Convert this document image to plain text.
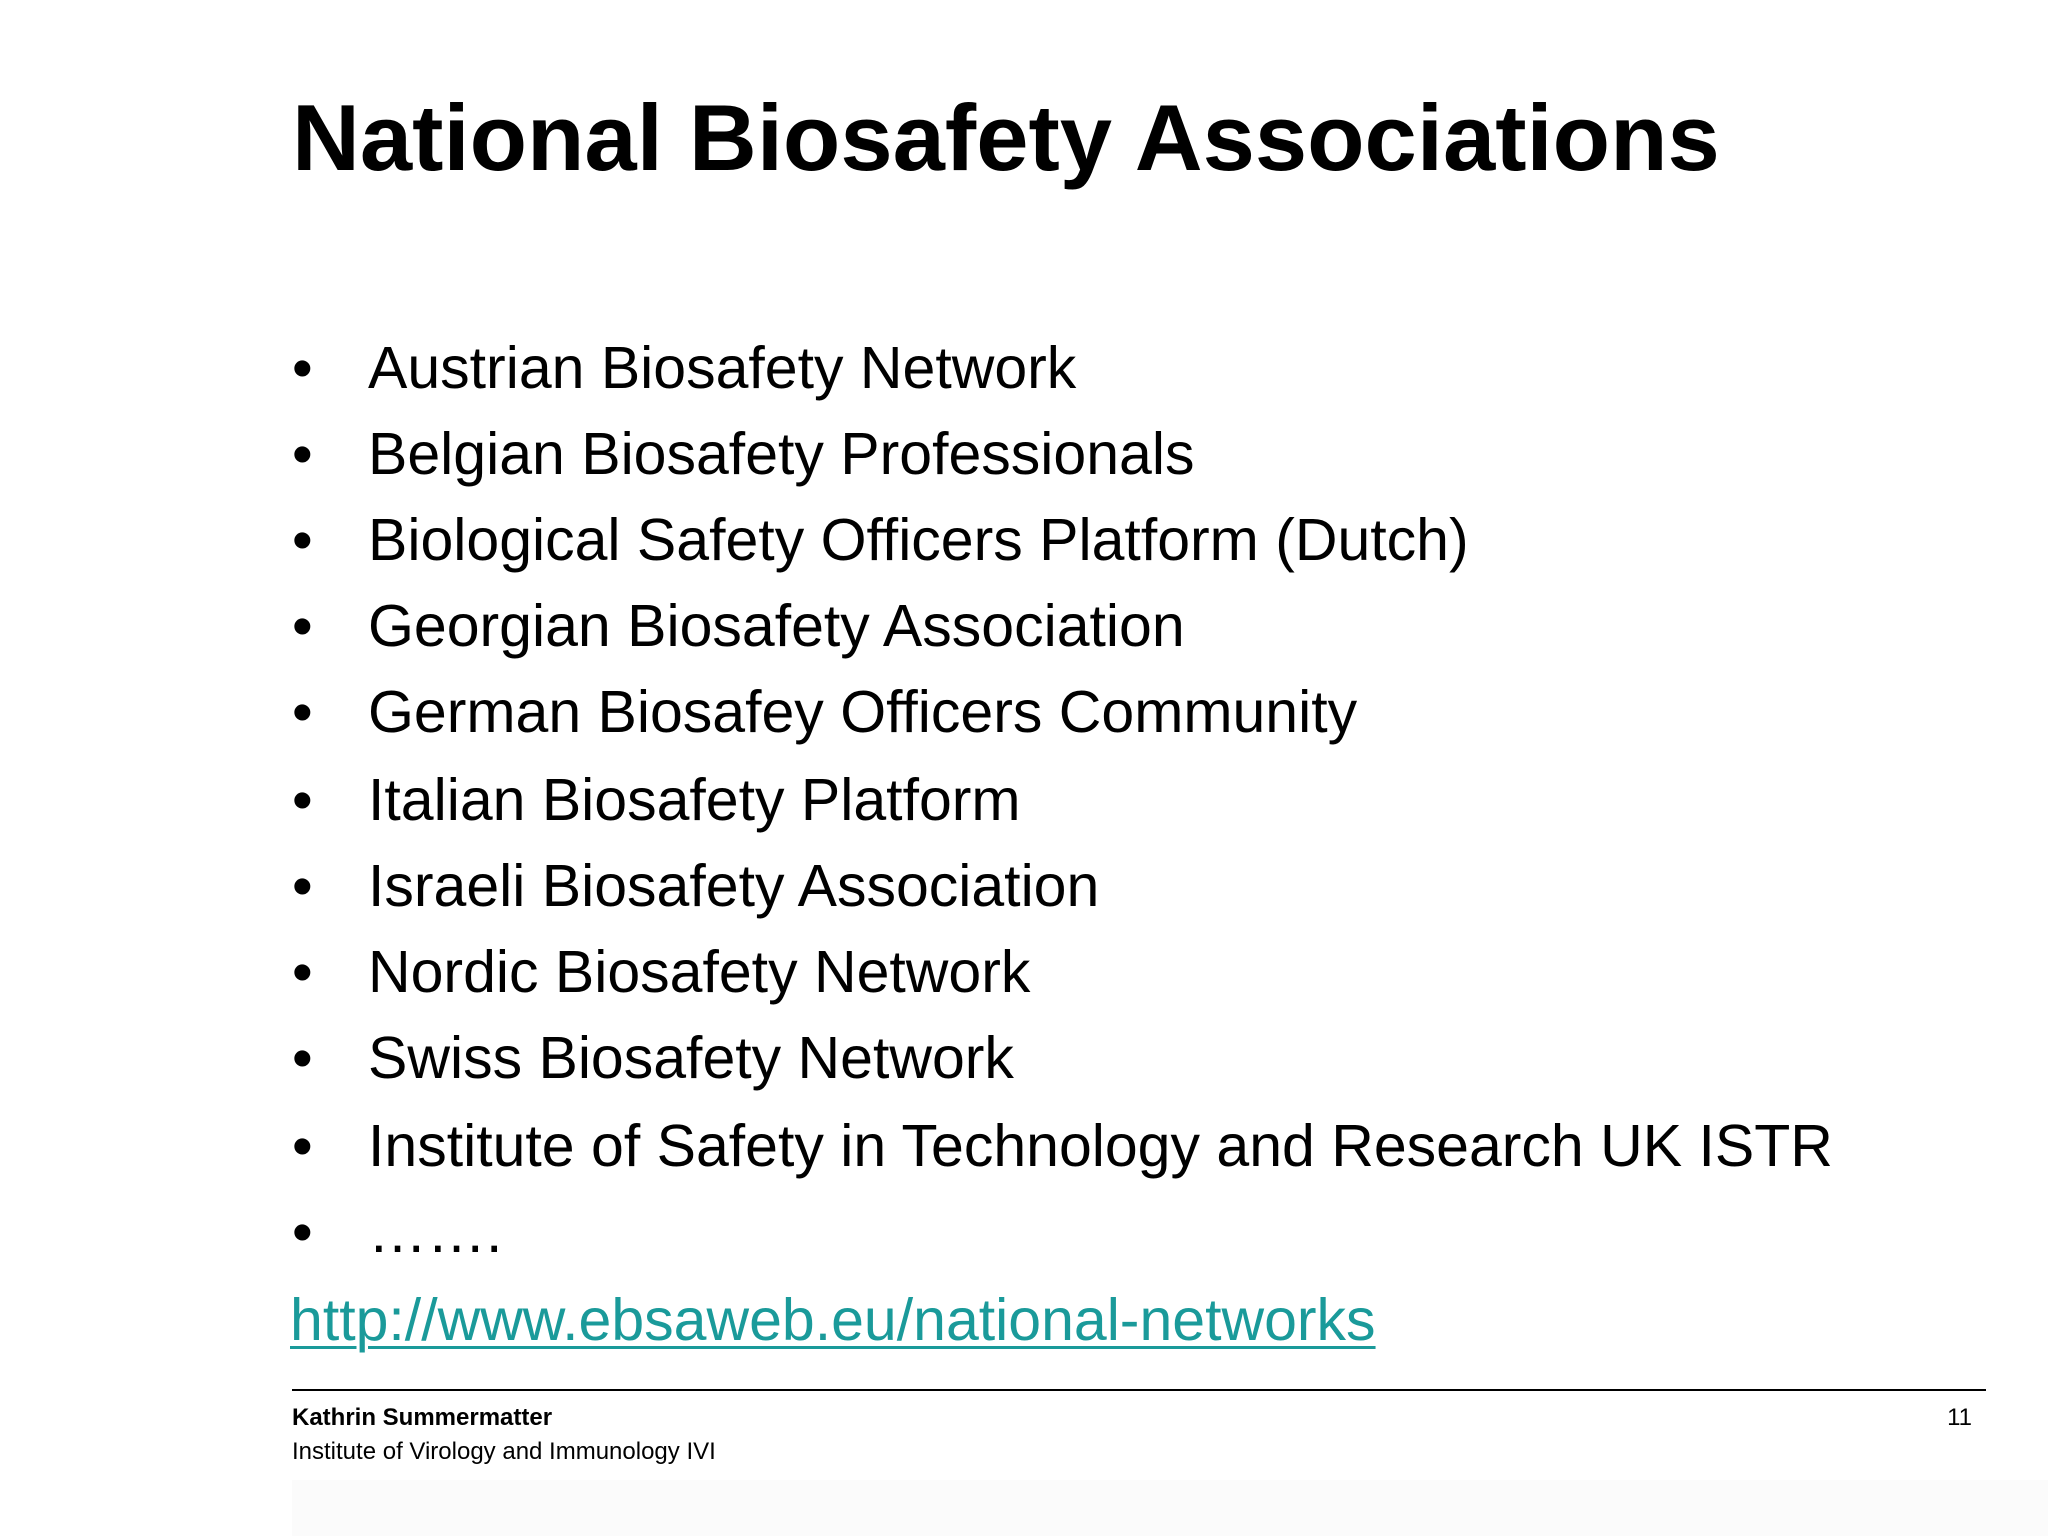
National Biosafety Associations
• Austrian Biosafety Network
• Belgian Biosafety Professionals
• Biological Safety Officers Platform (Dutch)
• Georgian Biosafety Association
• German Biosafey Officers Community
• Italian Biosafety Platform
• Israeli Biosafety Association
• Nordic Biosafety Network
• Swiss Biosafety Network
• Institute of Safety in Technology and Research UK ISTR
• …….
http://www.ebsaweb.eu/national-networks
Kathrin Summermatter
Institute of Virology and Immunology IVI
11
